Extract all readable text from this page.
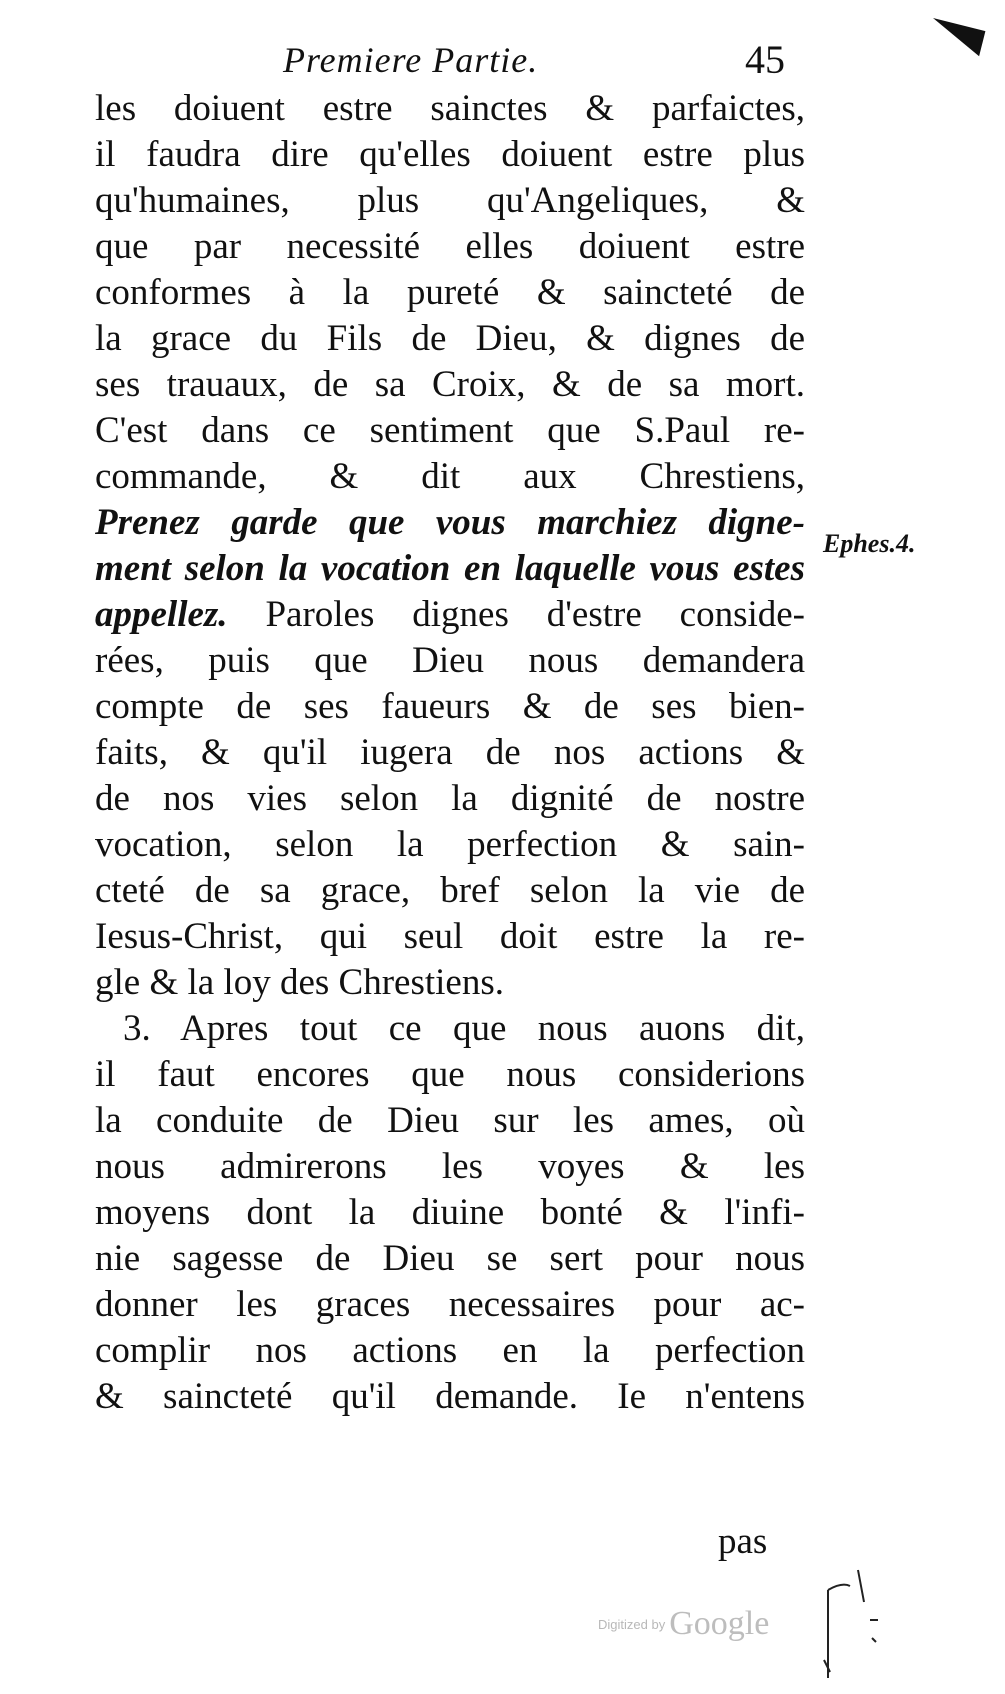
Premiere Partie.	45
les doiuent estre sainctes & parfaictes,
il faudra dire qu'elles doiuent estre plus
qu'humaines, plus qu'Angeliques, &
que par necessité elles doiuent estre
conformes à la pureté & saincteté de
la grace du Fils de Dieu, & dignes de
ses trauaux, de sa Croix, & de sa mort.
C'est dans ce sentiment que S.Paul re-
commande, & dit aux Chrestiens,
Prenez garde que vous marchiez digne-
ment selon la vocation en laquelle vous estes
appellez. Paroles dignes d'estre conside-
rées, puis que Dieu nous demandera
compte de ses faueurs & de ses bien-
faits, & qu'il iugera de nos actions &
de nos vies selon la dignité de nostre
vocation, selon la perfection & sain-
cteté de sa grace, bref selon la vie de
Iesus-Christ, qui seul doit estre la re-
gle & la loy des Chrestiens.
3. Apres tout ce que nous auons dit,
il faut encores que nous considerions
la conduite de Dieu sur les ames, où
nous admirerons les voyes & les
moyens dont la diuine bonté & l'infi-
nie sagesse de Dieu se sert pour nous
donner les graces necessaires pour ac-
complir nos actions en la perfection
& saincteté qu'il demande. Ie n'entens
pas
Ephes.4.
Digitized by Google
